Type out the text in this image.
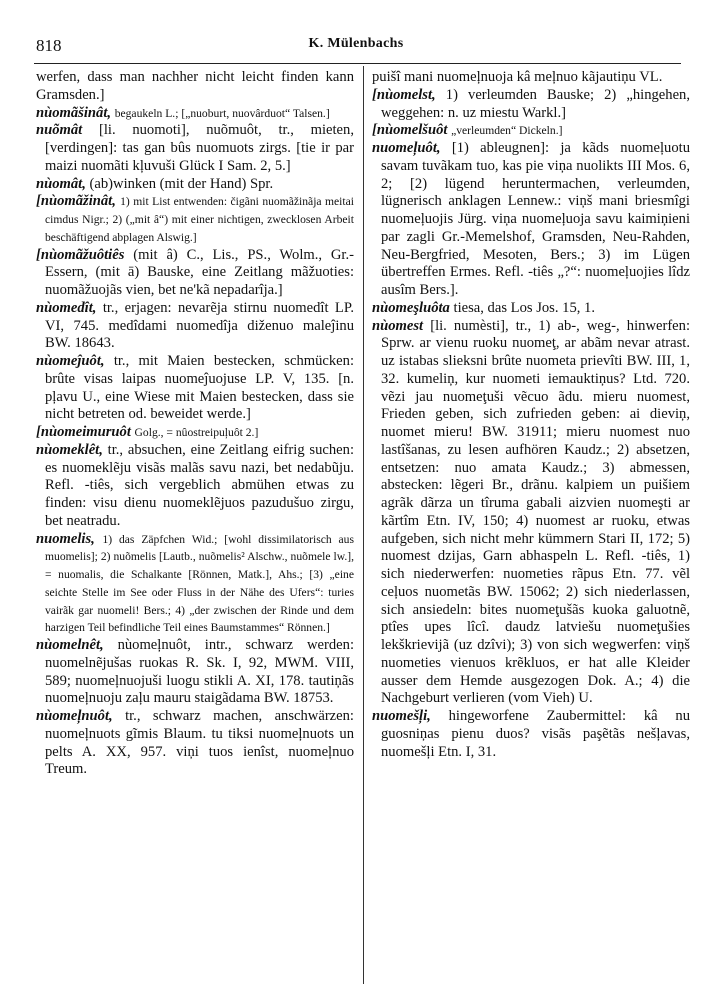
818	K. Mülenbachs

werfen, dass man nachher nicht leicht finden kann Gramsden.]

nùomãšinât, begaukeln L.; [„nuoburt, nuovârduot“ Talsen.]

nuõmât [li. nuomoti], nuõmuôt, tr., mieten, [verdingen]: tas gan bûs nuomuots zirgs. [tie ir par maizi nuomãti kļuvuši Glück I Sam. 2, 5.]

nùomât, (ab)winken (mit der Hand) Spr.

[nùomãžinât, 1) mit List entwenden: čigãni nuomãžinãja meitai cimdus Nigr.; 2) („mit â“) mit einer nichtigen, zwecklosen Arbeit beschäftigend abplagen Alswig.]

[nùomãžuôtiês (mit â) C., Lis., PS., Wolm., Gr.-Essern, (mit ā) Bauske, eine Zeitlang mãžuoties: nuomãžuojãs vien, bet ne'kã nepadarîja.]

nùomedît, tr., erjagen: nevarẽja stirnu nuomedît LP. VI, 745. medîdami nuomedîja diženuo maleĵinu BW. 18643.

nùomeĵuôt, tr., mit Maien bestecken, schmücken: brûte visas laipas nuomeĵuojuse LP. V, 135. [n. pļavu U., eine Wiese mit Maien bestecken, dass sie nicht betreten od. beweidet werde.]

[nùomeimuruôt Golg., = nûostreipuļuôt 2.]

nùomeklêt, tr., absuchen, eine Zeitlang eifrig suchen: es nuomeklẽju visãs malãs savu nazi, bet nedabũju. Refl. -tiês, sich vergeblich abmühen etwas zu finden: visu dienu nuomeklẽjuos pazudušuo zirgu, bet neatradu.

nuomelis, 1) das Zäpfchen Wid.; [wohl dissimilatorisch aus muomelis]; 2) nuõmelis [Lautb., nuõmelis² Alschw., nuõmele lw.], = nuomalis, die Schalkante [Rönnen, Matk.], Ahs.; [3) „eine seichte Stelle im See oder Fluss in der Nähe des Ufers“: turies vairãk gar nuomeli! Bers.; 4) „der zwischen der Rinde und dem harzigen Teil befindliche Teil eines Baumstammes“ Rönnen.]

nùomelnêt, nùomeļnuôt, intr., schwarz werden: nuomelnẽjušas ruokas R. Sk. I, 92, MWM. VIII, 589; nuomeļnuojuši luogu stikli A. XI, 178. tautiņãs nuomeļnuoju zaļu mauru staigãdama BW. 18753.

nùomeļnuôt, tr., schwarz machen, anschwärzen: nuomeļnuots gĩmis Blaum. tu tiksi nuomeļnuots un pelts A. XX, 957. viņi tuos ienîst, nuomeļnuo Treum.

puišî mani nuomeļnuoja kâ meļnuo kãjautiņu VL.

[nùomelst, 1) verleumden Bauske; 2) „hingehen, weggehen: n. uz miestu Warkl.]

[nùomelšuôt „verleumden“ Dickeln.]

nuomeļuôt, [1) ableugnen]: ja kãds nuomeļuotu savam tuvãkam tuo, kas pie viņa nuolikts III Mos. 6, 2; [2) lügend heruntermachen, verleumden, lügnerisch anklagen Lennew.: viņš mani briesmîgi nuomeļuojis Jürg. viņa nuomeļuoja savu kaimiņieni par zagli Gr.-Memelshof, Gramsden, Neu-Rahden, Neu-Bergfried, Mesoten, Bers.; 3) im Lügen übertreffen Ermes. Refl. -tiês „?“: nuomeļuojies lîdz ausîm Bers.].

nùomeşluôta tiesa, das Los Jos. 15, 1.

nùomest [li. numèsti], tr., 1) ab-, weg-, hinwerfen: Sprw. ar vienu ruoku nuomeţ, ar abãm nevar atrast. uz istabas slieksni brûte nuometa prievîti BW. III, 1, 32. kumeliņ, kur nuometi iemauktiņus? Ltd. 720. vẽzi jau nuomeţuši vẽcuo ãdu. mieru nuomest, Frieden geben, sich zufrieden geben: ai dieviņ, nuomet mieru! BW. 31911; mieru nuomest nuo lastîšanas, zu lesen aufhören Kaudz.; 2) absetzen, entsetzen: nuo amata Kaudz.; 3) abmessen, abstecken: lẽgeri Br., drãnu. kalpiem un puišiem agrãk dãrza un tîruma gabali aizvien nuomeşti ar kãrtîm Etn. IV, 150; 4) nuomest ar ruoku, etwas aufgeben, sich nicht mehr kümmern Stari II, 172; 5) nuomest dzijas, Garn abhaspeln L. Refl. -tiês, 1) sich niederwerfen: nuometies rãpus Etn. 77. vẽl ceļuos nuometãs BW. 15062; 2) sich niederlassen, sich ansiedeln: bites nuomeţušãs kuoka galuotnẽ, ptîes upes lîcî. daudz latviešu nuomeţušies lekškrievijã (uz dzîvi); 3) von sich wegwerfen: viņš nuometies vienuos krẽkluos, er hat alle Kleider ausser dem Hemde ausgezogen Dok. A.; 4) die Nachgeburt verlieren (vom Vieh) U.

nuomešļi, hingeworfene Zaubermittel: kâ nu guosniņas pienu duos? visãs paşẽtãs nešļavas, nuomešļi Etn. I, 31.
